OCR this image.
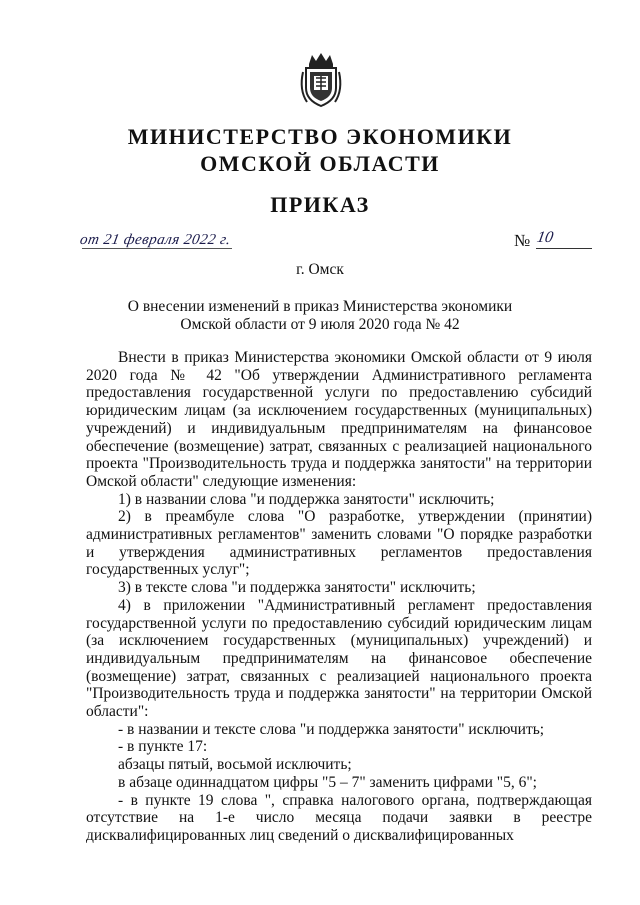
МИНИСТЕРСТВО ЭКОНОМИКИ
ОМСКОЙ ОБЛАСТИ
ПРИКАЗ
от 21 февраля 2022 г.	№ 10
г. Омск
О внесении изменений в приказ Министерства экономики
Омской области от 9 июля 2020 года № 42

Внести в приказ Министерства экономики Омской области от 9 июля 2020 года № 42 "Об утверждении Административного регламента предоставления государственной услуги по предоставлению субсидий юридическим лицам (за исключением государственных (муниципальных) учреждений) и индивидуальным предпринимателям на финансовое обеспечение (возмещение) затрат, связанных с реализацией национального проекта "Производительность труда и поддержка занятости" на территории Омской области" следующие изменения:

1) в названии слова "и поддержка занятости" исключить;

2) в преамбуле слова "О разработке, утверждении (принятии) административных регламентов" заменить словами "О порядке разработки и утверждения административных регламентов предоставления государственных услуг";

3) в тексте слова "и поддержка занятости" исключить;

4) в приложении "Административный регламент предоставления государственной услуги по предоставлению субсидий юридическим лицам (за исключением государственных (муниципальных) учреждений) и индивидуальным предпринимателям на финансовое обеспечение (возмещение) затрат, связанных с реализацией национального проекта "Производительность труда и поддержка занятости" на территории Омской области":

- в названии и тексте слова "и поддержка занятости" исключить;

- в пункте 17:

абзацы пятый, восьмой исключить;

в абзаце одиннадцатом цифры "5 – 7" заменить цифрами "5, 6";

- в пункте 19 слова ", справка налогового органа, подтверждающая отсутствие на 1-е число месяца подачи заявки в реестре дисквалифицированных лиц сведений о дисквалифицированных
